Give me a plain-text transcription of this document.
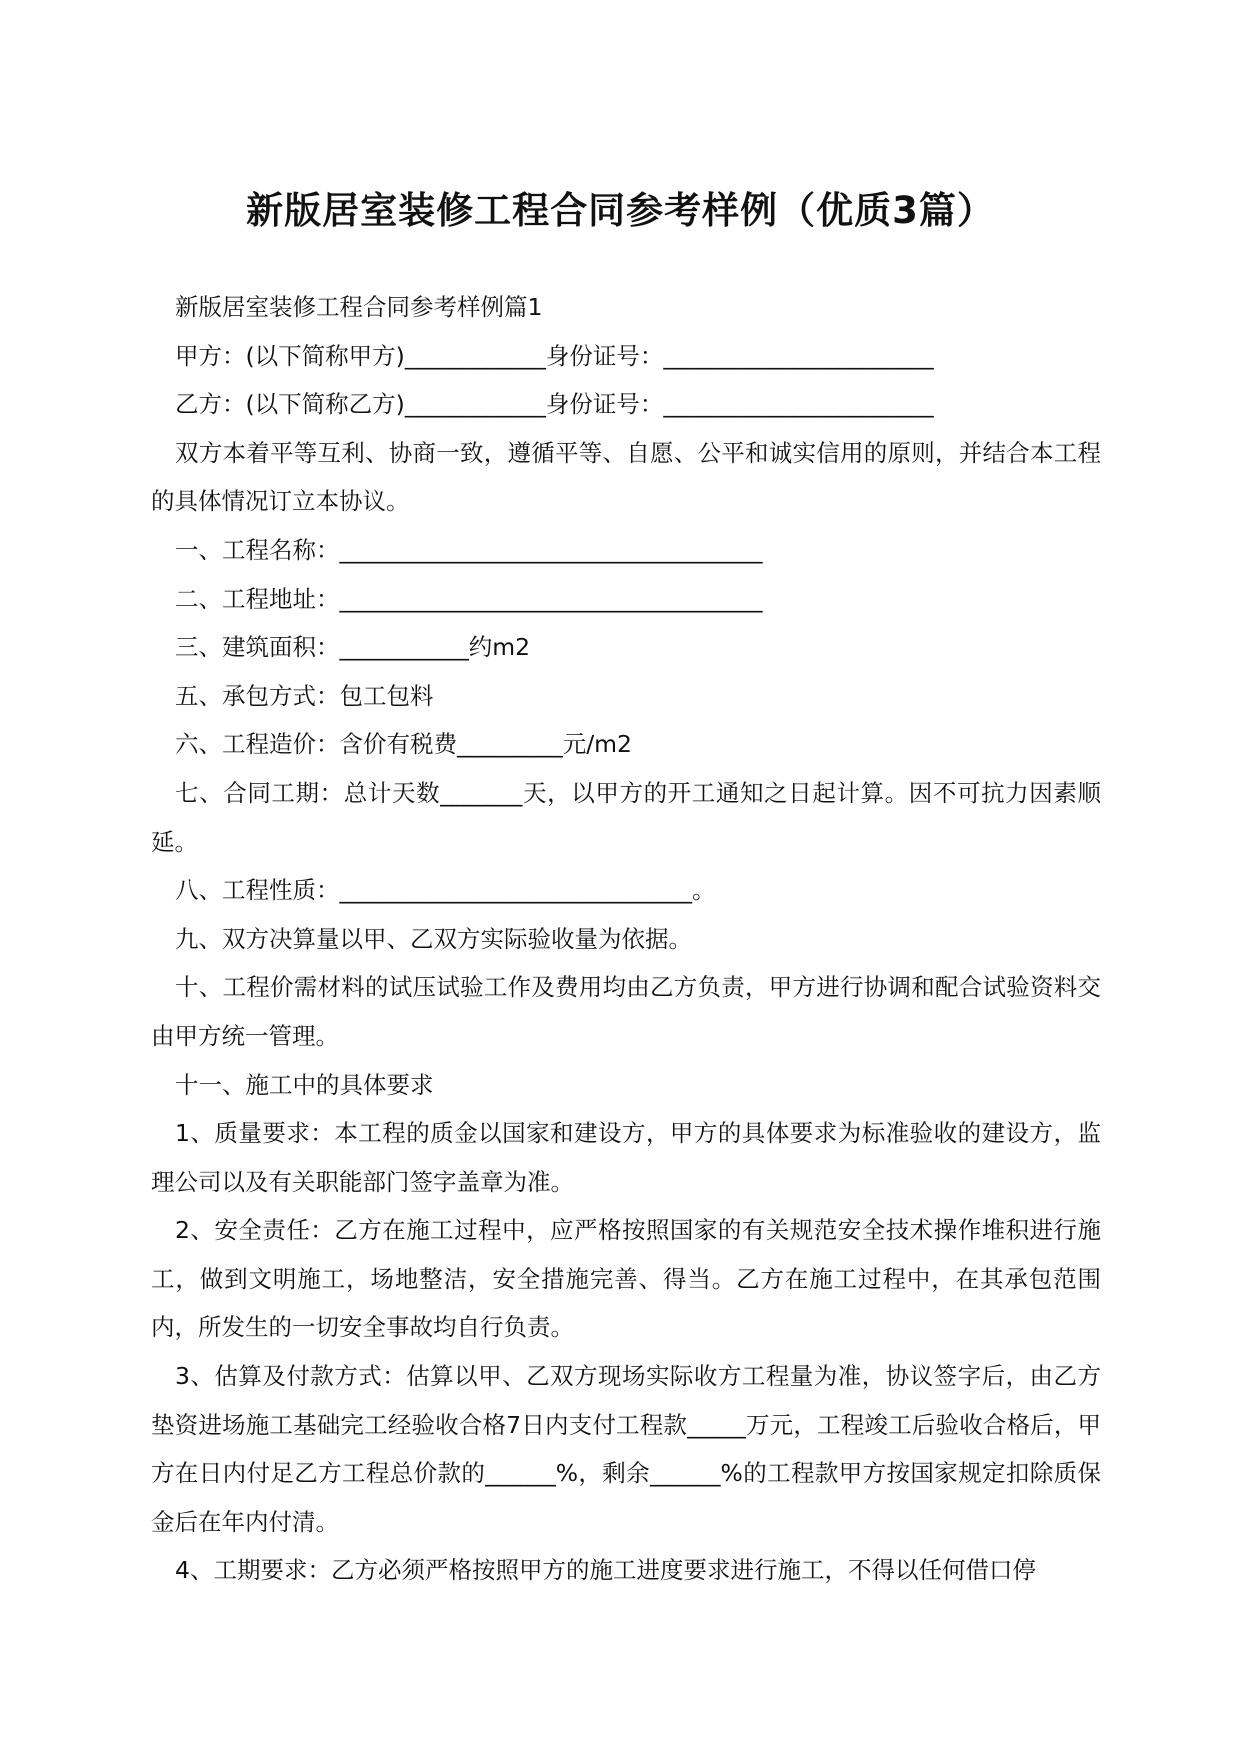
新版居室装修工程合同参考样例（优质3篇）

新版居室装修工程合同参考样例篇1

甲方：(以下简称甲方)____________身份证号：_______________________

乙方：(以下简称乙方)____________身份证号：_______________________

双方本着平等互利、协商一致，遵循平等、自愿、公平和诚实信用的原则，并结合本工程的具体情况订立本协议。

一、工程名称：____________________________________

二、工程地址：____________________________________

三、建筑面积：___________约m2

五、承包方式：包工包料

六、工程造价：含价有税费_________元/m2

七、合同工期：总计天数_______天，以甲方的开工通知之日起计算。因不可抗力因素顺延。

八、工程性质：______________________________。

九、双方决算量以甲、乙双方实际验收量为依据。

十、工程价需材料的试压试验工作及费用均由乙方负责，甲方进行协调和配合试验资料交由甲方统一管理。

十一、施工中的具体要求

1、质量要求：本工程的质金以国家和建设方，甲方的具体要求为标准验收的建设方，监理公司以及有关职能部门签字盖章为准。

2、安全责任：乙方在施工过程中，应严格按照国家的有关规范安全技术操作堆积进行施工，做到文明施工，场地整洁，安全措施完善、得当。乙方在施工过程中，在其承包范围内，所发生的一切安全事故均自行负责。

3、估算及付款方式：估算以甲、乙双方现场实际收方工程量为准，协议签字后，由乙方垫资进场施工基础完工经验收合格7日内支付工程款_____万元，工程竣工后验收合格后，甲方在日内付足乙方工程总价款的______%，剩余______%的工程款甲方按国家规定扣除质保金后在年内付清。

4、工期要求：乙方必须严格按照甲方的施工进度要求进行施工，不得以任何借口停
